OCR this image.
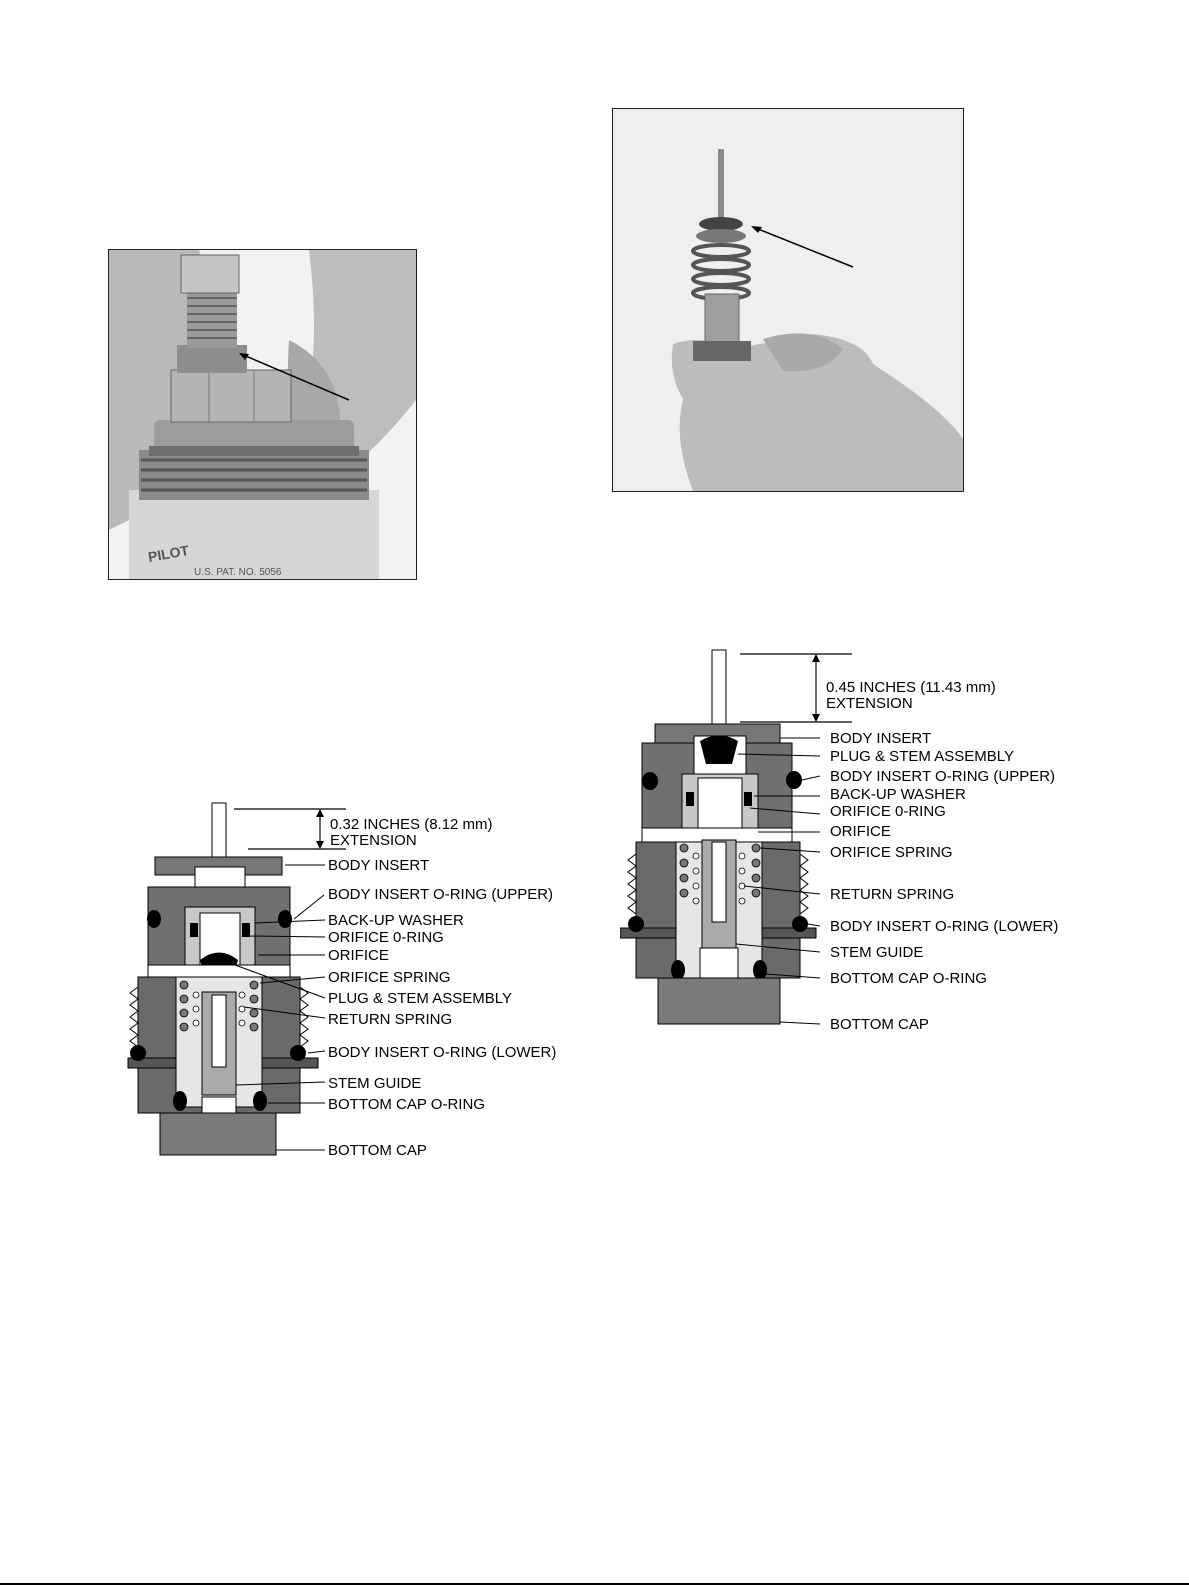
PILOT
U.S. PAT. NO. 5056
0.32 INCHES (8.12 mm)
EXTENSION
BODY INSERT
BODY INSERT O-RING (UPPER)
BACK-UP WASHER
ORIFICE 0-RING
ORIFICE
ORIFICE SPRING
PLUG & STEM ASSEMBLY
RETURN SPRING
BODY INSERT O-RING (LOWER)
STEM GUIDE
BOTTOM CAP O-RING
BOTTOM CAP
0.45 INCHES (11.43 mm)
EXTENSION
BODY INSERT
PLUG & STEM ASSEMBLY
BODY INSERT O-RING (UPPER)
BACK-UP WASHER
ORIFICE 0-RING
ORIFICE
ORIFICE SPRING
RETURN SPRING
BODY INSERT O-RING (LOWER)
STEM GUIDE
BOTTOM CAP O-RING
BOTTOM CAP
